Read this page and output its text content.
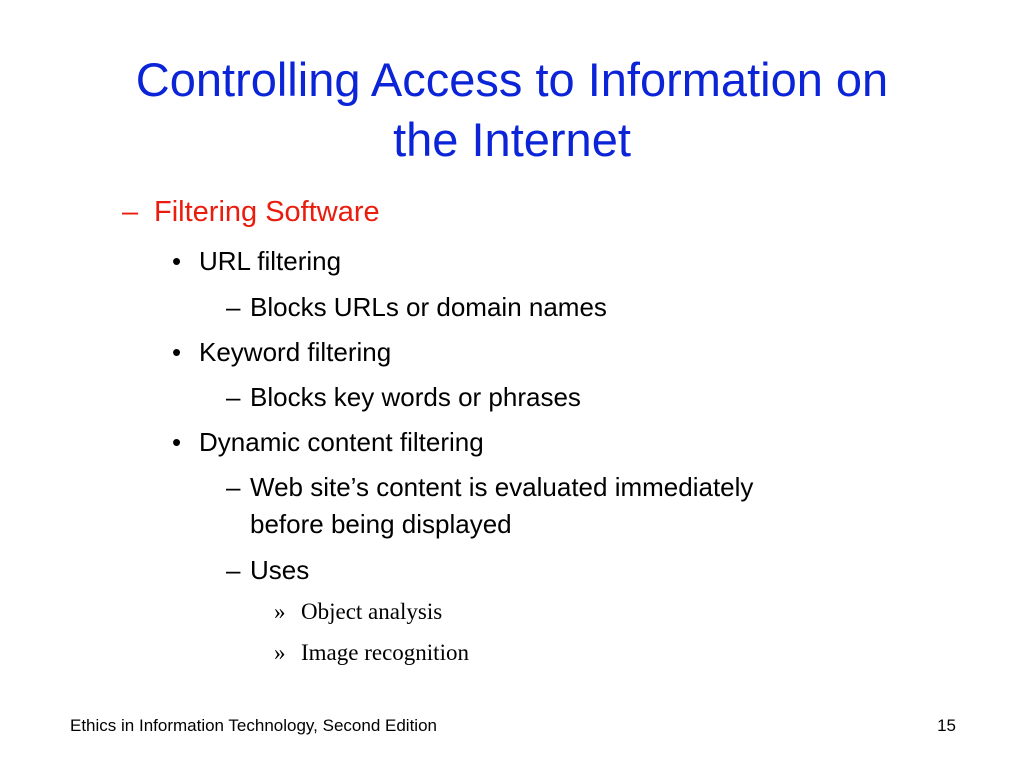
Controlling Access to Information on
the Internet
– Filtering Software
• URL filtering
– Blocks URLs or domain names
• Keyword filtering
– Blocks key words or phrases
• Dynamic content filtering
– Web site’s content is evaluated immediately
before being displayed
– Uses
» Object analysis
» Image recognition
Ethics in Information Technology, Second Edition	15
